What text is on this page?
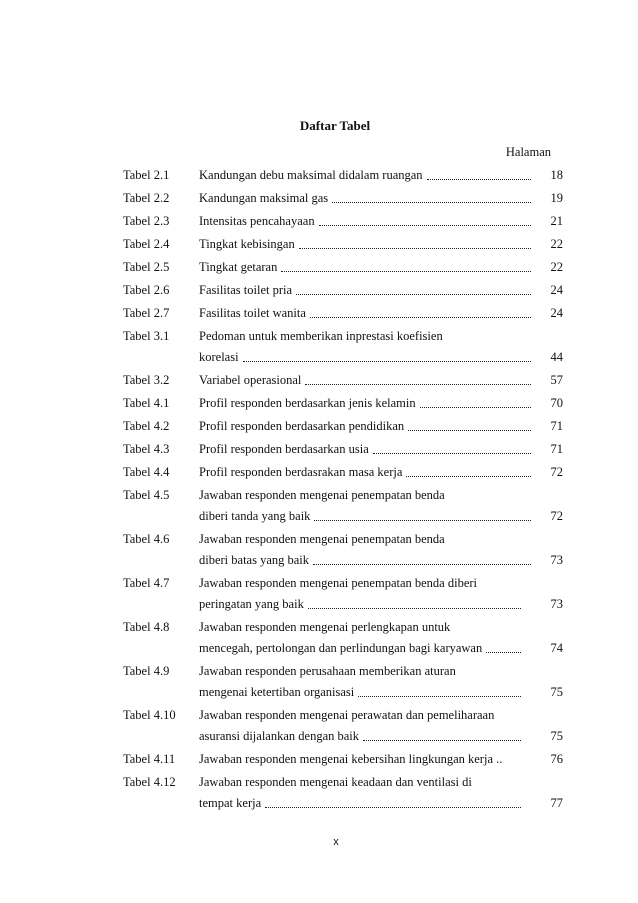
Daftar Tabel
Halaman
Tabel 2.1	Kandungan debu maksimal didalam ruangan	18
Tabel 2.2	Kandungan maksimal gas	19
Tabel 2.3	Intensitas pencahayaan	21
Tabel 2.4	Tingkat kebisingan	22
Tabel 2.5	Tingkat getaran	22
Tabel 2.6	Fasilitas toilet pria	24
Tabel 2.7	Fasilitas toilet wanita	24
Tabel 3.1	Pedoman untuk memberikan inprestasi koefisien
korelasi	44
Tabel 3.2	Variabel operasional	57
Tabel 4.1	Profil responden berdasarkan jenis kelamin	70
Tabel 4.2	Profil responden berdasarkan pendidikan	71
Tabel 4.3	Profil responden berdasarkan usia	71
Tabel 4.4	Profil responden berdasrakan masa kerja	72
Tabel 4.5	Jawaban responden mengenai penempatan benda
diberi tanda yang baik	72
Tabel 4.6	Jawaban responden mengenai penempatan benda
diberi batas yang baik	73
Tabel 4.7	Jawaban responden mengenai penempatan benda diberi
peringatan yang baik	73
Tabel 4.8	Jawaban responden mengenai perlengkapan untuk
mencegah, pertolongan dan perlindungan bagi karyawan	74
Tabel 4.9	Jawaban responden perusahaan memberikan aturan
mengenai ketertiban organisasi	75
Tabel 4.10	Jawaban responden mengenai perawatan dan pemeliharaan
asuransi dijalankan dengan baik	75
Tabel 4.11	Jawaban responden mengenai kebersihan lingkungan kerja ..	76
Tabel 4.12	Jawaban responden mengenai keadaan dan ventilasi di
tempat kerja	77
x
